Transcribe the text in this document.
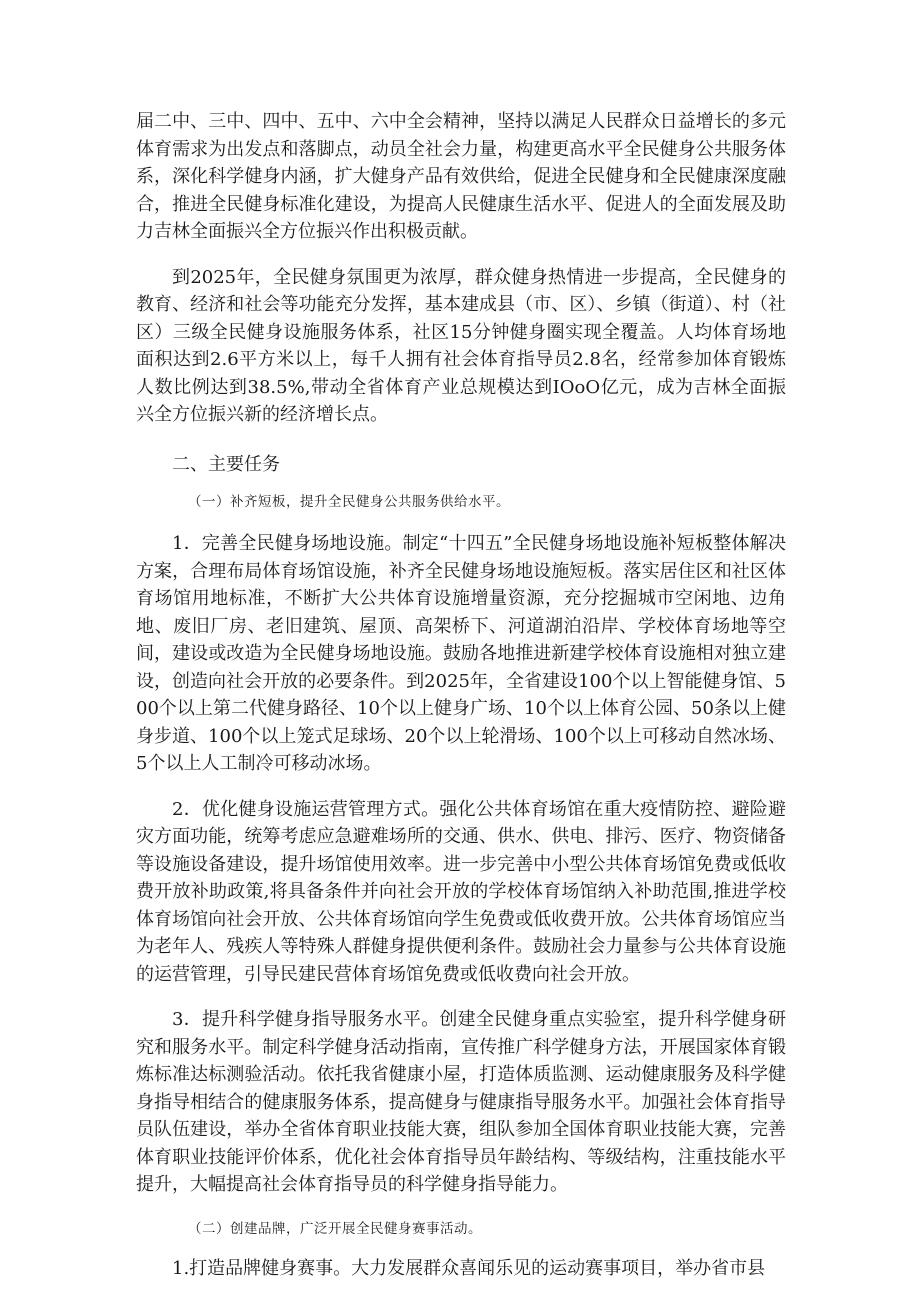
届二中、三中、四中、五中、六中全会精神，坚持以满足人民群众日益增长的多元体育需求为出发点和落脚点，动员全社会力量，构建更高水平全民健身公共服务体系，深化科学健身内涵，扩大健身产品有效供给，促进全民健身和全民健康深度融合，推进全民健身标准化建设，为提高人民健康生活水平、促进人的全面发展及助力吉林全面振兴全方位振兴作出积极贡献。

到2025年，全民健身氛围更为浓厚，群众健身热情进一步提高，全民健身的教育、经济和社会等功能充分发挥，基本建成县（市、区）、乡镇（街道）、村（社区）三级全民健身设施服务体系，社区15分钟健身圈实现全覆盖。人均体育场地面积达到2.6平方米以上，每千人拥有社会体育指导员2.8名，经常参加体育锻炼人数比例达到38.5%,带动全省体育产业总规模达到IOoO亿元，成为吉林全面振兴全方位振兴新的经济增长点。

二、主要任务

（一）补齐短板，提升全民健身公共服务供给水平。

1．完善全民健身场地设施。制定“十四五”全民健身场地设施补短板整体解决方案，合理布局体育场馆设施，补齐全民健身场地设施短板。落实居住区和社区体育场馆用地标准，不断扩大公共体育设施增量资源，充分挖掘城市空闲地、边角地、废旧厂房、老旧建筑、屋顶、高架桥下、河道湖泊沿岸、学校体育场地等空间，建设或改造为全民健身场地设施。鼓励各地推进新建学校体育设施相对独立建设，创造向社会开放的必要条件。到2025年，全省建设100个以上智能健身馆、500个以上第二代健身路径、10个以上健身广场、10个以上体育公园、50条以上健身步道、100个以上笼式足球场、20个以上轮滑场、100个以上可移动自然冰场、5个以上人工制冷可移动冰场。

2．优化健身设施运营管理方式。强化公共体育场馆在重大疫情防控、避险避灾方面功能，统筹考虑应急避难场所的交通、供水、供电、排污、医疗、物资储备等设施设备建设，提升场馆使用效率。进一步完善中小型公共体育场馆免费或低收费开放补助政策,将具备条件并向社会开放的学校体育场馆纳入补助范围,推进学校体育场馆向社会开放、公共体育场馆向学生免费或低收费开放。公共体育场馆应当为老年人、残疾人等特殊人群健身提供便利条件。鼓励社会力量参与公共体育设施的运营管理，引导民建民营体育场馆免费或低收费向社会开放。

3．提升科学健身指导服务水平。创建全民健身重点实验室，提升科学健身研究和服务水平。制定科学健身活动指南，宣传推广科学健身方法，开展国家体育锻炼标准达标测验活动。依托我省健康小屋，打造体质监测、运动健康服务及科学健身指导相结合的健康服务体系，提高健身与健康指导服务水平。加强社会体育指导员队伍建设，举办全省体育职业技能大赛，组队参加全国体育职业技能大赛，完善体育职业技能评价体系，优化社会体育指导员年龄结构、等级结构，注重技能水平提升，大幅提高社会体育指导员的科学健身指导能力。

（二）创建品牌，广泛开展全民健身赛事活动。

1.打造品牌健身赛事。大力发展群众喜闻乐见的运动赛事项目，举办省市县
